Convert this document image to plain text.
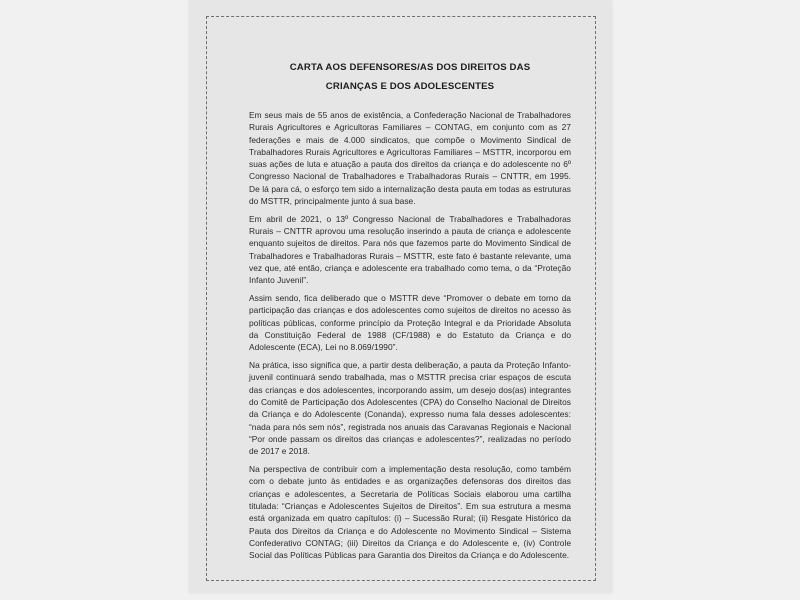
CARTA AOS DEFENSORES/AS DOS DIREITOS DAS
CRIANÇAS E DOS ADOLESCENTES

Em seus mais de 55 anos de existência, a Confederação Nacional de Trabalhadores Rurais Agricultores e Agricultoras Familiares – CONTAG, em conjunto com as 27 federações e mais de 4.000 sindicatos, que compõe o Movimento Sindical de Trabalhadores Rurais Agricultores e Agricultoras Familiares – MSTTR, incorporou em suas ações de luta e atuação a pauta dos direitos da criança e do adolescente no 6º Congresso Nacional de Trabalhadores e Trabalhadoras Rurais – CNTTR, em 1995. De lá para cá, o esforço tem sido a internalização desta pauta em todas as estruturas do MSTTR, principalmente junto á sua base.

Em abril de 2021, o 13º Congresso Nacional de Trabalhadores e Trabalhadoras Rurais – CNTTR aprovou uma resolução inserindo a pauta de criança e adolescente enquanto sujeitos de direitos. Para nós que fazemos parte do Movimento Sindical de Trabalhadores e Trabalhadoras Rurais – MSTTR, este fato é bastante relevante, uma vez que, até então, criança e adolescente era trabalhado como tema, o da “Proteção Infanto Juvenil”.

Assim sendo, fica deliberado que o MSTTR deve “Promover o debate em torno da participação das crianças e dos adolescentes como sujeitos de direitos no acesso às políticas públicas, conforme princípio da Proteção Integral e da Prioridade Absoluta da Constituição Federal de 1988 (CF/1988) e do Estatuto da Criança e do Adolescente (ECA), Lei no 8.069/1990”.

Na prática, isso significa que, a partir desta deliberação, a pauta da Proteção Infanto-juvenil continuará sendo trabalhada, mas o MSTTR precisa criar espaços de escuta das crianças e dos adolescentes, incorporando assim, um desejo dos(as) integrantes do Comitê de Participação dos Adolescentes (CPA) do Conselho Nacional de Direitos da Criança e do Adolescente (Conanda), expresso numa fala desses adolescentes: “nada para nós sem nós”, registrada nos anuais das Caravanas Regionais e Nacional “Por onde passam os direitos das crianças e adolescentes?”, realizadas no período de 2017 e 2018.

Na perspectiva de contribuir com a implementação desta resolução, como também com o debate junto às entidades e as organizações defensoras dos direitos das crianças e adolescentes, a Secretaria de Políticas Sociais elaborou uma cartilha titulada: “Crianças e Adolescentes Sujeitos de Direitos”. Em sua estrutura a mesma está organizada em quatro capítulos: (i) – Sucessão Rural; (ii) Resgate Histórico da Pauta dos Direitos da Criança e do Adolescente no Movimento Sindical – Sistema Confederativo CONTAG; (iii) Direitos da Criança e do Adolescente e, (iv) Controle Social das Políticas Públicas para Garantia dos Direitos da Criança e do Adolescente.
